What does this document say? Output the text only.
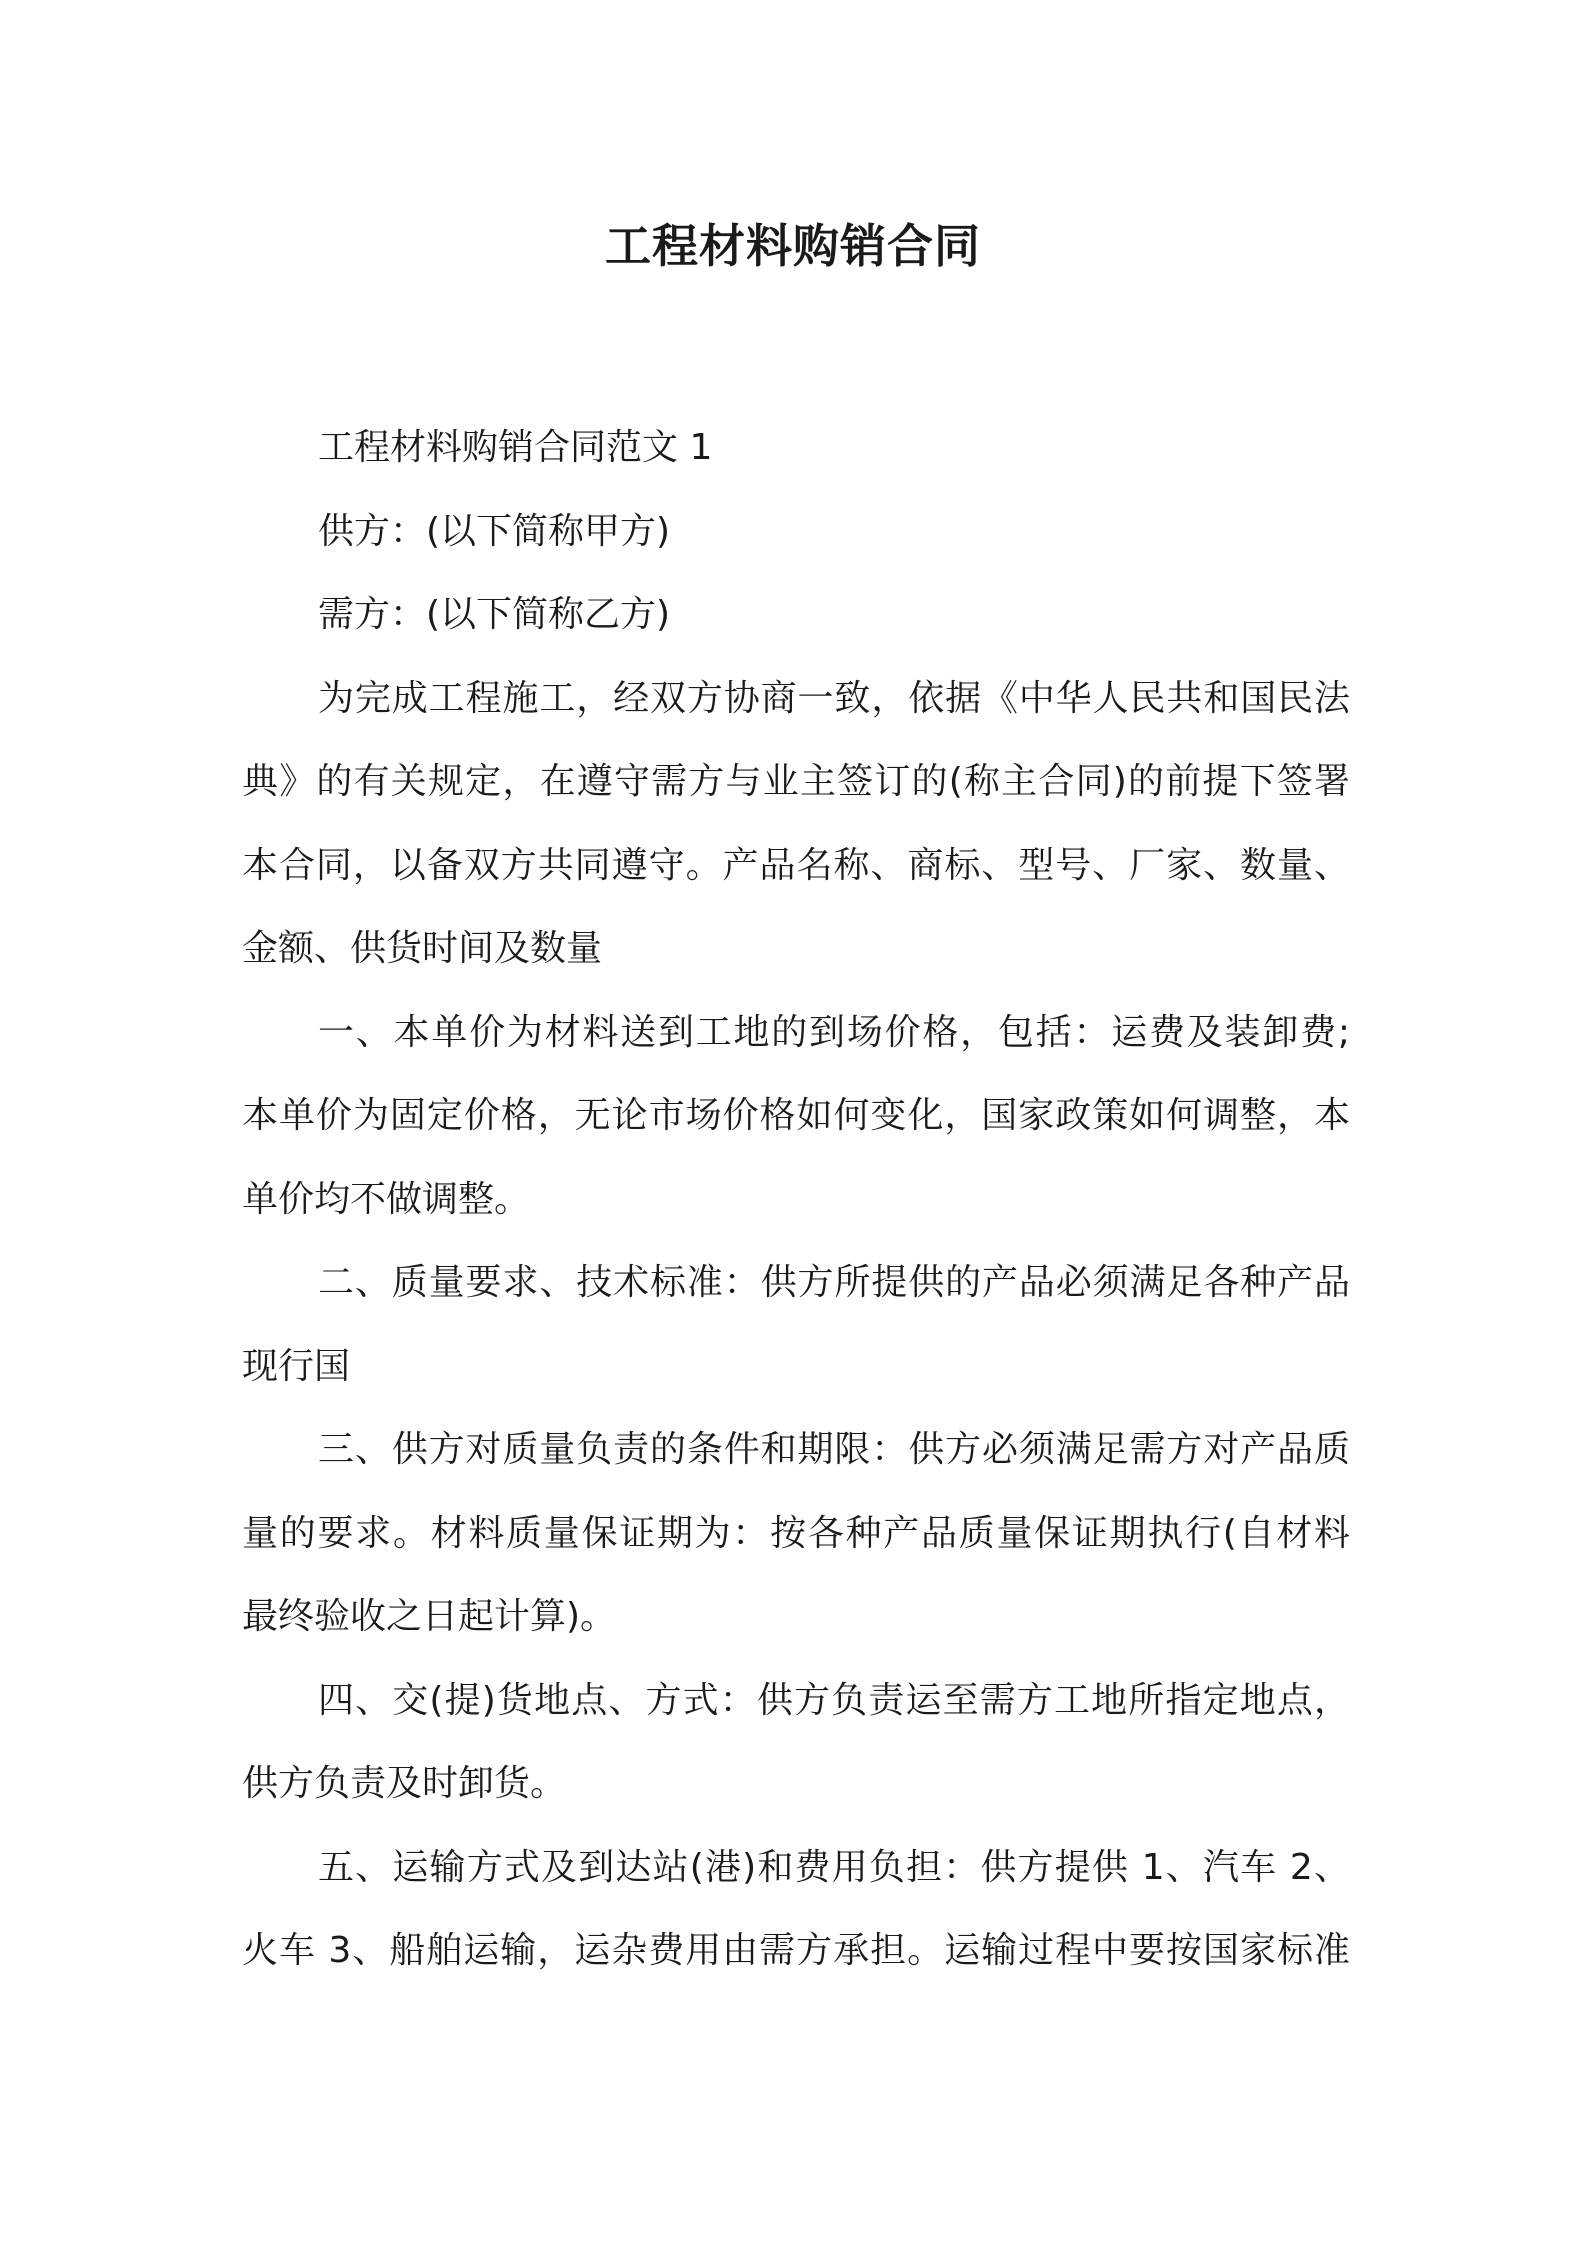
工程材料购销合同
工程材料购销合同范文 1
供方：(以下简称甲方)
需方：(以下简称乙方)
为完成工程施工，经双方协商一致，依据《中华人民共和国民法
典》的有关规定，在遵守需方与业主签订的(称主合同)的前提下签署
本合同，以备双方共同遵守。产品名称、商标、型号、厂家、数量、
金额、供货时间及数量
一、本单价为材料送到工地的到场价格，包括：运费及装卸费;
本单价为固定价格，无论市场价格如何变化，国家政策如何调整，本
单价均不做调整。
二、质量要求、技术标准：供方所提供的产品必须满足各种产品
现行国
三、供方对质量负责的条件和期限：供方必须满足需方对产品质
量的要求。材料质量保证期为：按各种产品质量保证期执行(自材料
最终验收之日起计算)。
四、交(提)货地点、方式：供方负责运至需方工地所指定地点，
供方负责及时卸货。
五、运输方式及到达站(港)和费用负担：供方提供 1、汽车 2、
火车 3、船舶运输，运杂费用由需方承担。运输过程中要按国家标准
